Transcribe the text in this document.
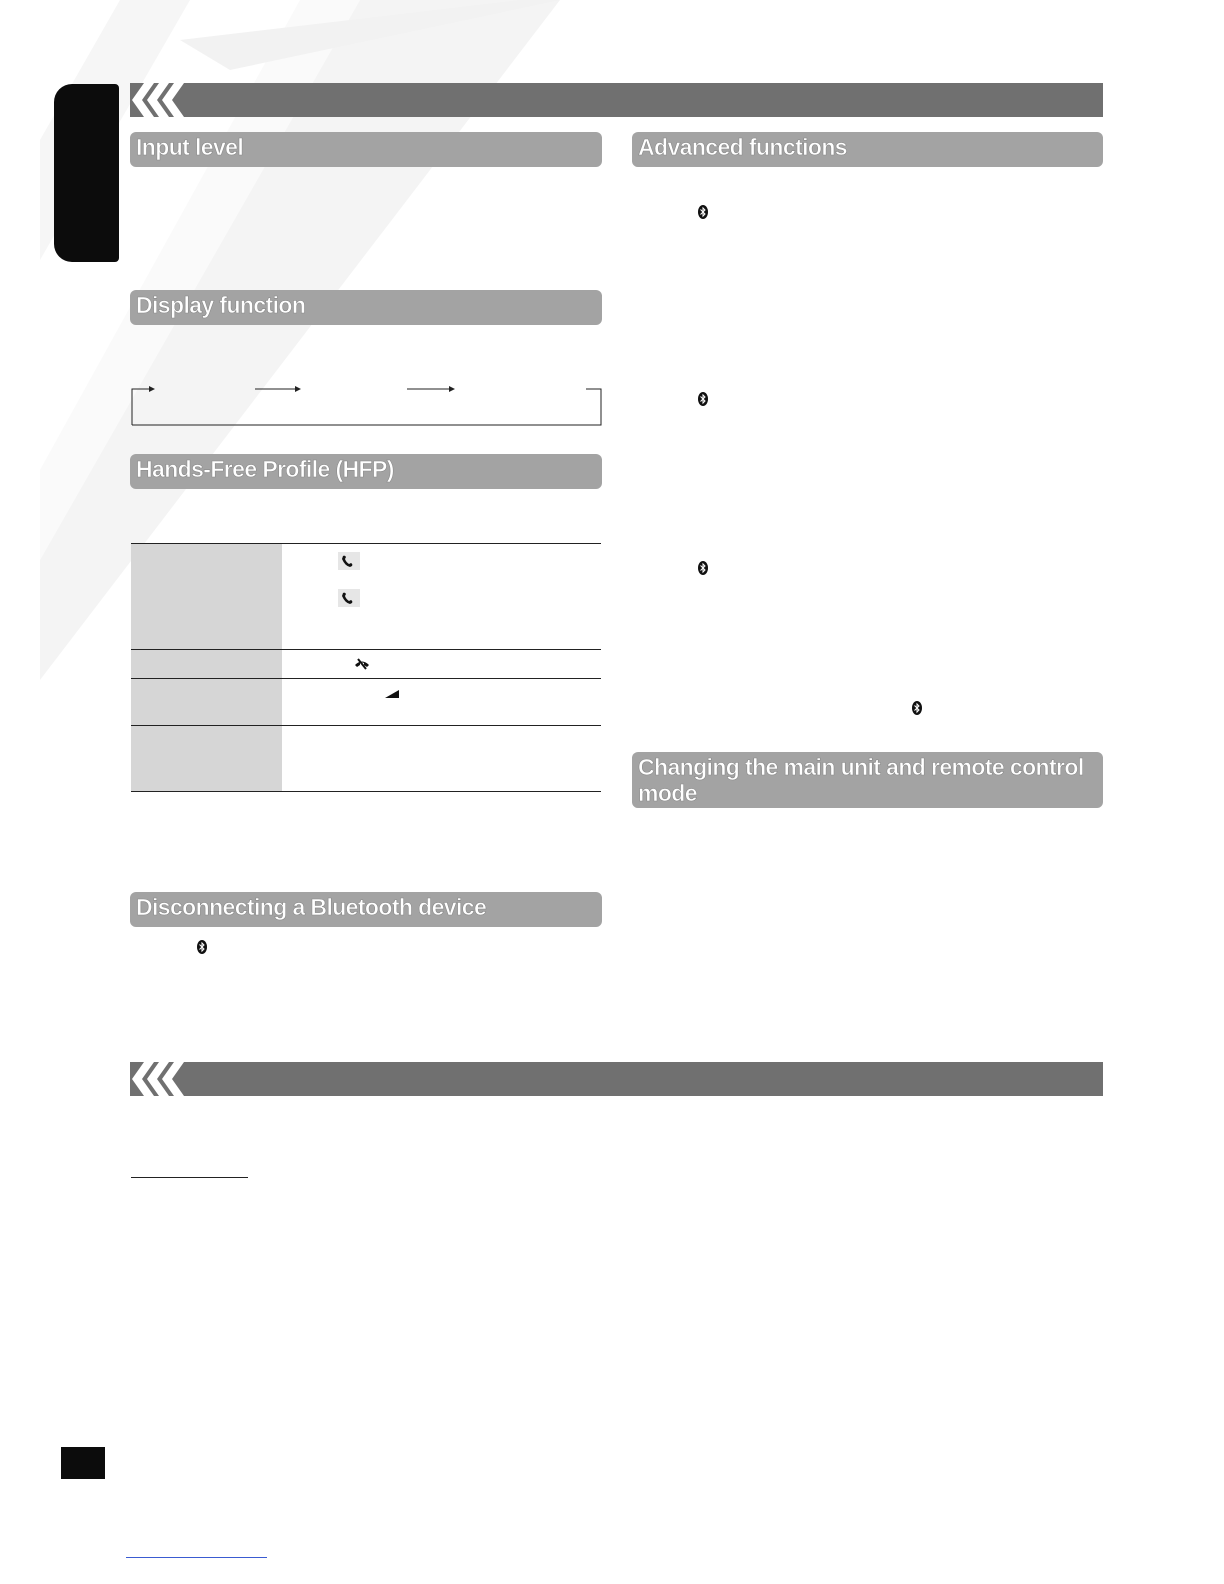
Input level
Display function
Hands-Free Profile (HFP)
Disconnecting a Bluetooth device
Advanced functions
Changing the main unit and remote control mode
